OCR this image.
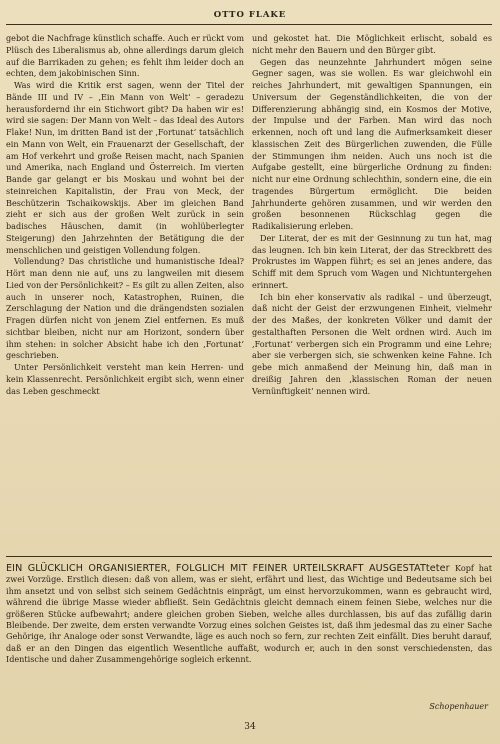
OTTO FLAKE

gebot die Nachfrage künstlich schaffe. Auch er rückt vom Plüsch des Liberalismus ab, ohne allerdings darum gleich auf die Barrikaden zu gehen; es fehlt ihm leider doch an echten, dem jakobinischen Sinn.

Was wird die Kritik erst sagen, wenn der Titel der Bände III und IV – ‚Ein Mann von Welt‘ – geradezu herausfordernd ihr ein Stichwort gibt? Da haben wir es! wird sie sagen: Der Mann von Welt – das Ideal des Autors Flake! Nun, im dritten Band ist der ‚Fortunat‘ tatsächlich ein Mann von Welt, ein Frauenarzt der Gesellschaft, der am Hof verkehrt und große Reisen macht, nach Spanien und Amerika, nach England und Österreich. Im vierten Bande gar gelangt er bis Moskau und wohnt bei der steinreichen Kapitalistin, der Frau von Meck, der Beschützerin Tschaikowskijs. Aber im gleichen Band zieht er sich aus der großen Welt zurück in sein badisches Häuschen, damit (in wohlüberlegter Steigerung) den Jahrzehnten der Betätigung die der menschlichen und geistigen Vollendung folgen.

Vollendung? Das christliche und humanistische Ideal? Hört man denn nie auf, uns zu langweilen mit diesem Lied von der Persönlichkeit? – Es gilt zu allen Zeiten, also auch in unserer noch, Katastrophen, Ruinen, die Zerschlagung der Nation und die drängendsten sozialen Fragen dürfen nicht von jenem Ziel entfernen. Es muß sichtbar bleiben, nicht nur am Horizont, sondern über ihm stehen: in solcher Absicht habe ich den ‚Fortunat‘ geschrieben.

Unter Persönlichkeit versteht man kein Herren- und kein Klassenrecht. Persönlichkeit ergibt sich, wenn einer das Leben geschmeckt

und gekostet hat. Die Möglichkeit erlischt, sobald es nicht mehr den Bauern und den Bürger gibt.

Gegen das neunzehnte Jahrhundert mögen seine Gegner sagen, was sie wollen. Es war gleichwohl ein reiches Jahrhundert, mit gewaltigen Spannungen, ein Universum der Gegenständlichkeiten, die von der Differenzierung abhängig sind, ein Kosmos der Motive, der Impulse und der Farben. Man wird das noch erkennen, noch oft und lang die Aufmerksamkeit dieser klassischen Zeit des Bürgerlichen zuwenden, die Fülle der Stimmungen ihm neiden. Auch uns noch ist die Aufgabe gestellt, eine bürgerliche Ordnung zu finden: nicht nur eine Ordnung schlechthin, sondern eine, die ein tragendes Bürgertum ermöglicht. Die beiden Jahrhunderte gehören zusammen, und wir werden den großen besonnenen Rückschlag gegen die Radikalisierung erleben.

Der Literat, der es mit der Gesinnung zu tun hat, mag das leugnen. Ich bin kein Literat, der das Streckbrett des Prokrustes im Wappen führt; es sei an jenes andere, das Schiff mit dem Spruch vom Wagen und Nichtuntergehen erinnert.

Ich bin eher konservativ als radikal – und überzeugt, daß nicht der Geist der erzwungenen Einheit, vielmehr der des Maßes, der konkreten Völker und damit der gestalthaften Personen die Welt ordnen wird. Auch im ‚Fortunat‘ verbergen sich ein Programm und eine Lehre; aber sie verbergen sich, sie schwenken keine Fahne. Ich gebe mich anmaßend der Meinung hin, daß man in dreißig Jahren den ‚klassischen Roman der neuen Vernünftigkeit‘ nennen wird.

EIN GLÜCKLICH ORGANISIERTER, FOLGLICH MIT FEINER URTEILSKRAFT AUSGESTATteter Kopf hat zwei Vorzüge. Erstlich diesen: daß von allem, was er sieht, erfährt und liest, das Wichtige und Bedeutsame sich bei ihm ansetzt und von selbst sich seinem Gedächtnis einprägt, um einst hervorzukommen, wann es gebraucht wird, während die übrige Masse wieder abfließt. Sein Gedächtnis gleicht demnach einem feinen Siebe, welches nur die größeren Stücke aufbewahrt; andere gleichen groben Sieben, welche alles durchlassen, bis auf das zufällig darin Bleibende. Der zweite, dem ersten verwandte Vorzug eines solchen Geistes ist, daß ihm jedesmal das zu einer Sache Gehörige, ihr Analoge oder sonst Verwandte, läge es auch noch so fern, zur rechten Zeit einfällt. Dies beruht darauf, daß er an den Dingen das eigentlich Wesentliche auffaßt, wodurch er, auch in den sonst verschiedensten, das Identische und daher Zusammengehörige sogleich erkennt.
Schopenhauer
34
